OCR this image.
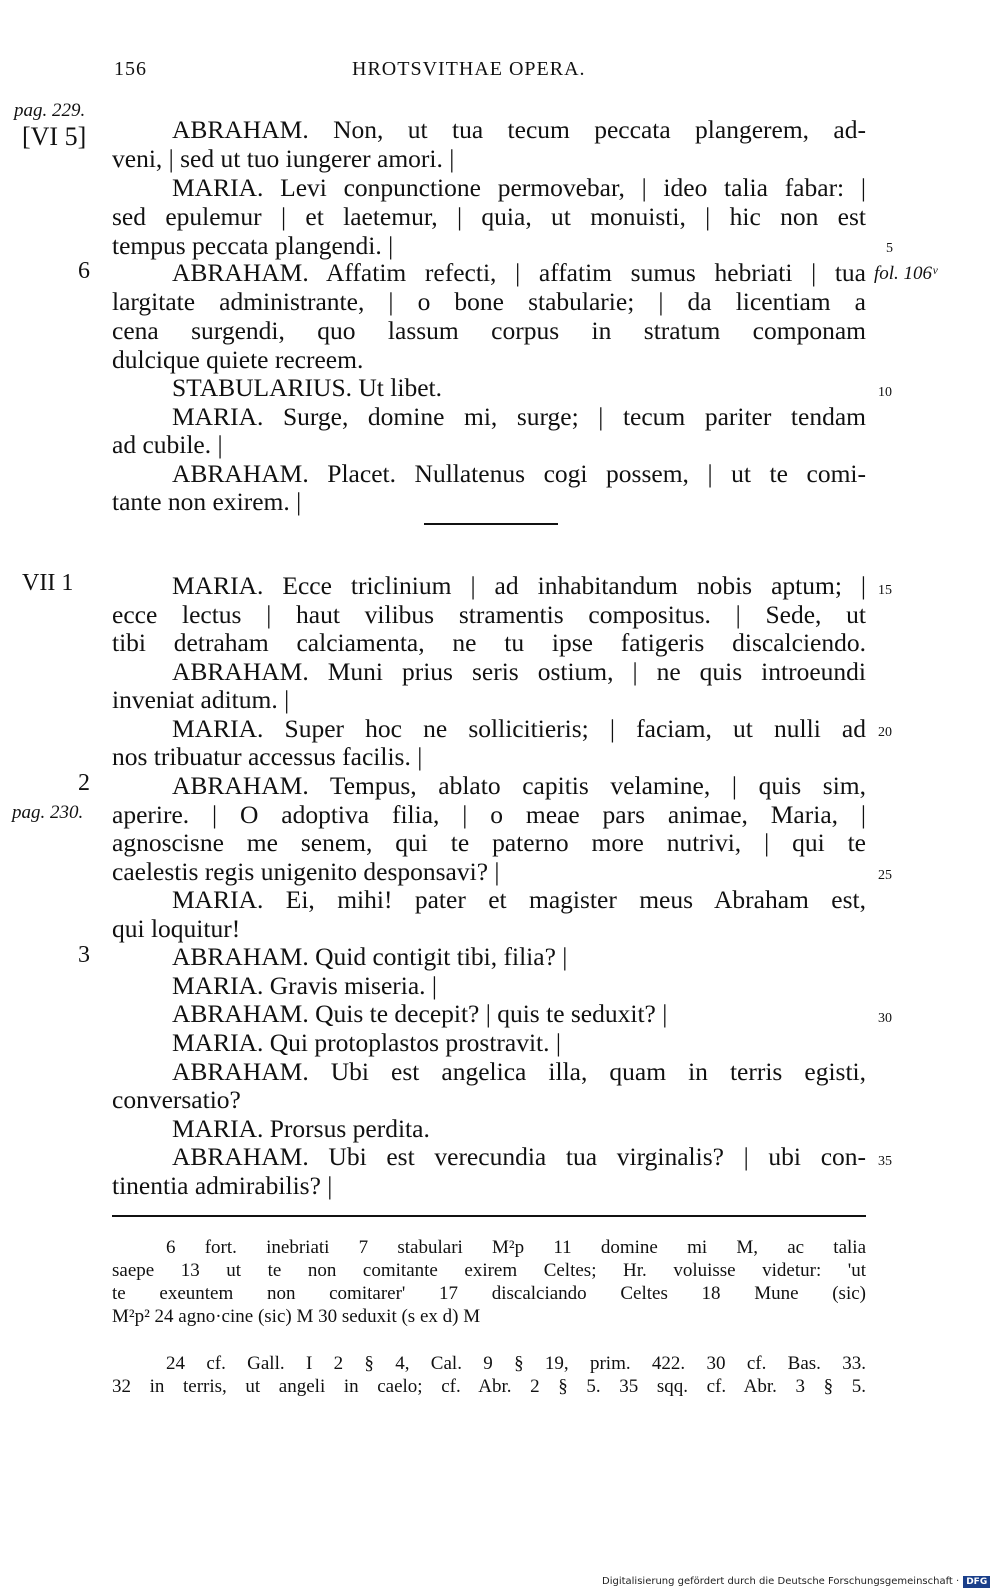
156	HROTSVITHAE OPERA.
pag. 229.
[VI 5]
6
VII 1
2
pag. 230.
3
fol. 106ᵛ
5
10
15
20
25
30
35
ABRAHAM. Non, ut tua tecum peccata plangerem, ad-
veni, | sed ut tuo iungerer amori. |
MARIA. Levi conpunctione permovebar, | ideo talia fabar: |
sed epulemur | et laetemur, | quia, ut monuisti, | hic non est
tempus peccata plangendi. |
ABRAHAM. Affatim refecti, | affatim sumus hebriati | tua
largitate administrante, | o bone stabularie; | da licentiam a
cena surgendi, quo lassum corpus in stratum componam
dulcique quiete recreem.
STABULARIUS. Ut libet.
MARIA. Surge, domine mi, surge; | tecum pariter tendam
ad cubile. |
ABRAHAM. Placet. Nullatenus cogi possem, | ut te comi-
tante non exirem. |
MARIA. Ecce triclinium | ad inhabitandum nobis aptum; |
ecce lectus | haut vilibus stramentis compositus. | Sede, ut
tibi detraham calciamenta, ne tu ipse fatigeris discalciendo.
ABRAHAM. Muni prius seris ostium, | ne quis introeundi
inveniat aditum. |
MARIA. Super hoc ne sollicitieris; | faciam, ut nulli ad
nos tribuatur accessus facilis. |
ABRAHAM. Tempus, ablato capitis velamine, | quis sim,
aperire. | O adoptiva filia, | o meae pars animae, Maria, |
agnoscisne me senem, qui te paterno more nutrivi, | qui te
caelestis regis unigenito desponsavi? |
MARIA. Ei, mihi! pater et magister meus Abraham est,
qui loquitur!
ABRAHAM. Quid contigit tibi, filia? |
MARIA. Gravis miseria. |
ABRAHAM. Quis te decepit? | quis te seduxit? |
MARIA. Qui protoplastos prostravit. |
ABRAHAM. Ubi est angelica illa, quam in terris egisti,
conversatio?
MARIA. Prorsus perdita.
ABRAHAM. Ubi est verecundia tua virginalis? | ubi con-
tinentia admirabilis? |
6 fort. inebriati 7 stabulari M²p 11 domine mi M, ac talia
saepe 13 ut te non comitante exirem Celtes; Hr. voluisse videtur: 'ut
te exeuntem non comitarer' 17 discalciando Celtes 18 Mune (sic)
M²p² 24 agno·cine (sic) M 30 seduxit (s ex d) M
24 cf. Gall. I 2 § 4, Cal. 9 § 19, prim. 422. 30 cf. Bas. 33.
32 in terris, ut angeli in caelo; cf. Abr. 2 § 5. 35 sqq. cf. Abr. 3 § 5.
Digitalisierung gefördert durch die Deutsche Forschungsgemeinschaft · DFG
